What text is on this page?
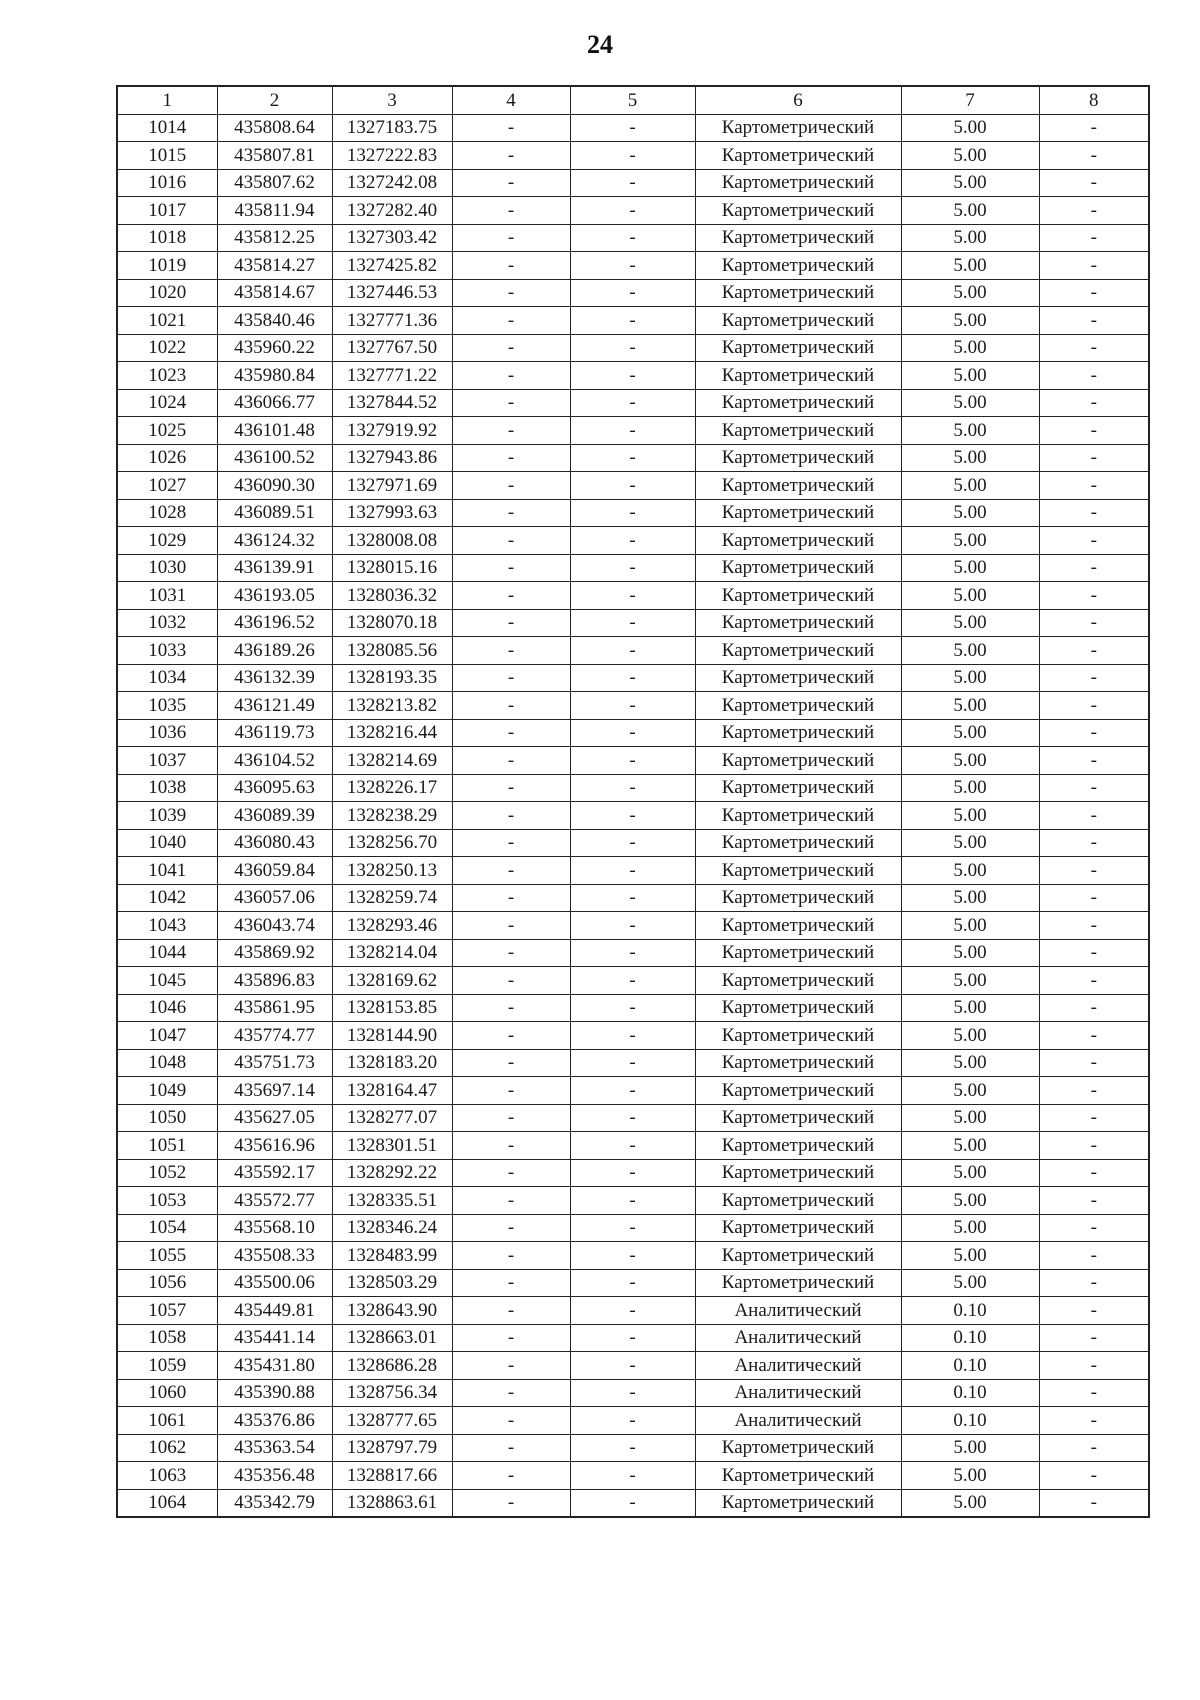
24
1	2	3	4	5	6	7	8
1014	435808.64	1327183.75	-	-	Картометрический	5.00	-
1015	435807.81	1327222.83	-	-	Картометрический	5.00	-
1016	435807.62	1327242.08	-	-	Картометрический	5.00	-
1017	435811.94	1327282.40	-	-	Картометрический	5.00	-
1018	435812.25	1327303.42	-	-	Картометрический	5.00	-
1019	435814.27	1327425.82	-	-	Картометрический	5.00	-
1020	435814.67	1327446.53	-	-	Картометрический	5.00	-
1021	435840.46	1327771.36	-	-	Картометрический	5.00	-
1022	435960.22	1327767.50	-	-	Картометрический	5.00	-
1023	435980.84	1327771.22	-	-	Картометрический	5.00	-
1024	436066.77	1327844.52	-	-	Картометрический	5.00	-
1025	436101.48	1327919.92	-	-	Картометрический	5.00	-
1026	436100.52	1327943.86	-	-	Картометрический	5.00	-
1027	436090.30	1327971.69	-	-	Картометрический	5.00	-
1028	436089.51	1327993.63	-	-	Картометрический	5.00	-
1029	436124.32	1328008.08	-	-	Картометрический	5.00	-
1030	436139.91	1328015.16	-	-	Картометрический	5.00	-
1031	436193.05	1328036.32	-	-	Картометрический	5.00	-
1032	436196.52	1328070.18	-	-	Картометрический	5.00	-
1033	436189.26	1328085.56	-	-	Картометрический	5.00	-
1034	436132.39	1328193.35	-	-	Картометрический	5.00	-
1035	436121.49	1328213.82	-	-	Картометрический	5.00	-
1036	436119.73	1328216.44	-	-	Картометрический	5.00	-
1037	436104.52	1328214.69	-	-	Картометрический	5.00	-
1038	436095.63	1328226.17	-	-	Картометрический	5.00	-
1039	436089.39	1328238.29	-	-	Картометрический	5.00	-
1040	436080.43	1328256.70	-	-	Картометрический	5.00	-
1041	436059.84	1328250.13	-	-	Картометрический	5.00	-
1042	436057.06	1328259.74	-	-	Картометрический	5.00	-
1043	436043.74	1328293.46	-	-	Картометрический	5.00	-
1044	435869.92	1328214.04	-	-	Картометрический	5.00	-
1045	435896.83	1328169.62	-	-	Картометрический	5.00	-
1046	435861.95	1328153.85	-	-	Картометрический	5.00	-
1047	435774.77	1328144.90	-	-	Картометрический	5.00	-
1048	435751.73	1328183.20	-	-	Картометрический	5.00	-
1049	435697.14	1328164.47	-	-	Картометрический	5.00	-
1050	435627.05	1328277.07	-	-	Картометрический	5.00	-
1051	435616.96	1328301.51	-	-	Картометрический	5.00	-
1052	435592.17	1328292.22	-	-	Картометрический	5.00	-
1053	435572.77	1328335.51	-	-	Картометрический	5.00	-
1054	435568.10	1328346.24	-	-	Картометрический	5.00	-
1055	435508.33	1328483.99	-	-	Картометрический	5.00	-
1056	435500.06	1328503.29	-	-	Картометрический	5.00	-
1057	435449.81	1328643.90	-	-	Аналитический	0.10	-
1058	435441.14	1328663.01	-	-	Аналитический	0.10	-
1059	435431.80	1328686.28	-	-	Аналитический	0.10	-
1060	435390.88	1328756.34	-	-	Аналитический	0.10	-
1061	435376.86	1328777.65	-	-	Аналитический	0.10	-
1062	435363.54	1328797.79	-	-	Картометрический	5.00	-
1063	435356.48	1328817.66	-	-	Картометрический	5.00	-
1064	435342.79	1328863.61	-	-	Картометрический	5.00	-
